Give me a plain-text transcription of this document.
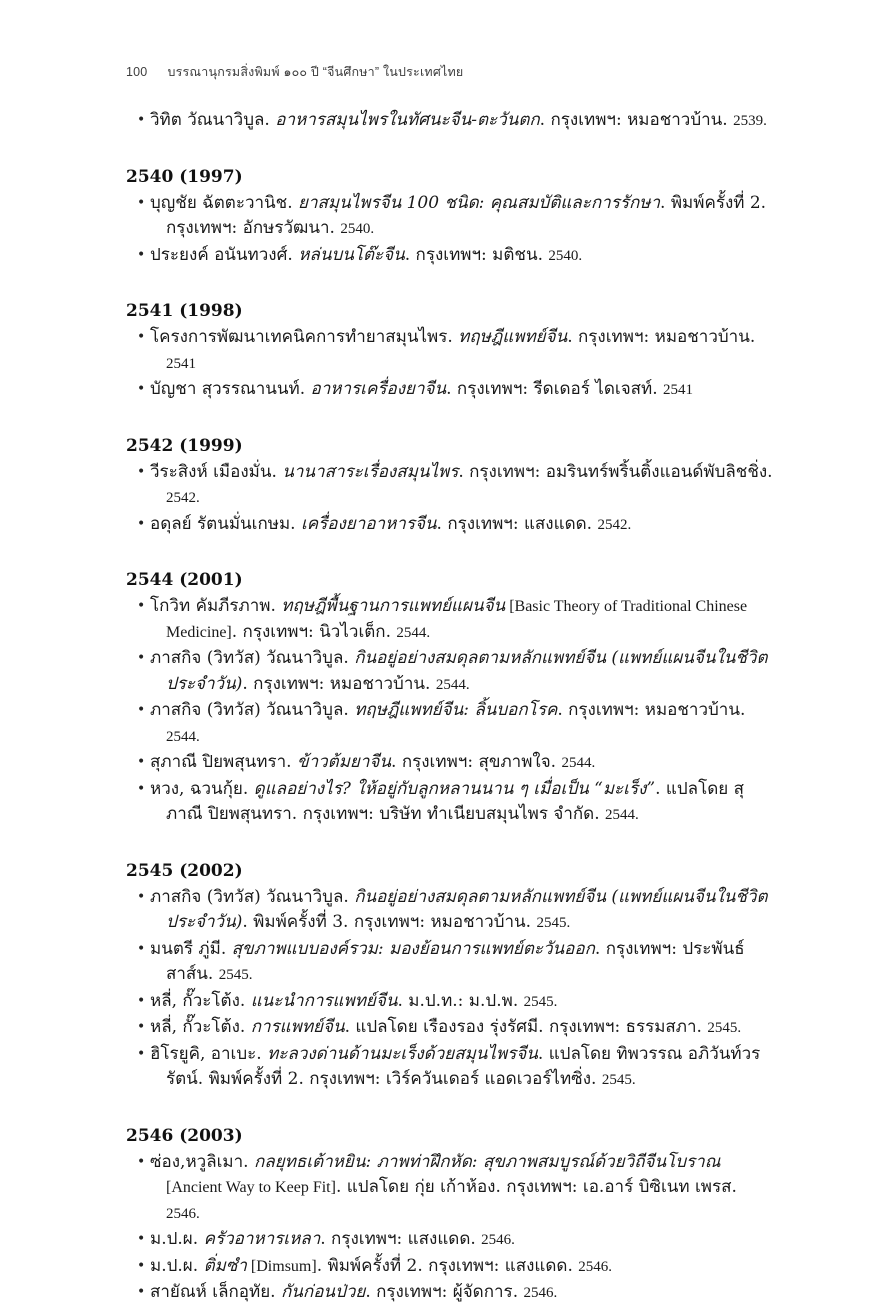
100 บรรณานุกรมสิ่งพิมพ์ ๑๐๐ ปี “จีนศึกษา” ในประเทศไทย
• วิทิต วัณนาวิบูล. อาหารสมุนไพรในทัศนะจีน-ตะวันตก. กรุงเทพฯ: หมอชาวบ้าน. 2539.
2540 (1997)
• บุญชัย ฉัตตะวานิช. ยาสมุนไพรจีน 100 ชนิด: คุณสมบัติและการรักษา. พิมพ์ครั้งที่ 2. กรุงเทพฯ: อักษรวัฒนา. 2540.
• ประยงค์ อนันทวงศ์. หล่นบนโต๊ะจีน. กรุงเทพฯ: มติชน. 2540.
2541 (1998)
• โครงการพัฒนาเทคนิคการทำยาสมุนไพร. ทฤษฎีแพทย์จีน. กรุงเทพฯ: หมอชาวบ้าน. 2541
• บัญชา สุวรรณานนท์. อาหารเครื่องยาจีน. กรุงเทพฯ: รีดเดอร์ ไดเจสท์. 2541
2542 (1999)
• วีระสิงห์ เมืองมั่น. นานาสาระเรื่องสมุนไพร. กรุงเทพฯ: อมรินทร์พริ้นติ้งแอนด์พับลิชชิ่ง. 2542.
• อดุลย์ รัตนมั่นเกษม. เครื่องยาอาหารจีน. กรุงเทพฯ: แสงแดด. 2542.
2544 (2001)
• โกวิท คัมภีรภาพ. ทฤษฎีพื้นฐานการแพทย์แผนจีน [Basic Theory of Traditional Chinese Medicine]. กรุงเทพฯ: นิวไวเต็ก. 2544.
• ภาสกิจ (วิทวัส) วัณนาวิบูล. กินอยู่อย่างสมดุลตามหลักแพทย์จีน (แพทย์แผนจีนในชีวิตประจำวัน). กรุงเทพฯ: หมอชาวบ้าน. 2544.
• ภาสกิจ (วิทวัส) วัณนาวิบูล. ทฤษฎีแพทย์จีน: ลิ้นบอกโรค. กรุงเทพฯ: หมอชาวบ้าน. 2544.
• สุภาณี ปิยพสุนทรา. ข้าวต้มยาจีน. กรุงเทพฯ: สุขภาพใจ. 2544.
• หวง, ฉวนกุ้ย. ดูแลอย่างไร? ให้อยู่กับลูกหลานนาน ๆ เมื่อเป็น “มะเร็ง”. แปลโดย สุภาณี ปิยพสุนทรา. กรุงเทพฯ: บริษัท ทำเนียบสมุนไพร จำกัด. 2544.
2545 (2002)
• ภาสกิจ (วิทวัส) วัณนาวิบูล. กินอยู่อย่างสมดุลตามหลักแพทย์จีน (แพทย์แผนจีนในชีวิตประจำวัน). พิมพ์ครั้งที่ 3. กรุงเทพฯ: หมอชาวบ้าน. 2545.
• มนตรี ภู่มี. สุขภาพแบบองค์รวม: มองย้อนการแพทย์ตะวันออก. กรุงเทพฯ: ประพันธ์สาส์น. 2545.
• หลี่, กั๊วะโต้ง. แนะนำการแพทย์จีน. ม.ป.ท.: ม.ป.พ. 2545.
• หลี่, กั๊วะโต้ง. การแพทย์จีน. แปลโดย เรืองรอง รุ่งรัศมี. กรุงเทพฯ: ธรรมสภา. 2545.
• ฮิโรยูคิ, อาเบะ. ทะลวงด่านด้านมะเร็งด้วยสมุนไพรจีน. แปลโดย ทิพวรรณ อภิวันท์วรรัตน์. พิมพ์ครั้งที่ 2. กรุงเทพฯ: เวิร์ควันเดอร์ แอดเวอร์ไทซิ่ง. 2545.
2546 (2003)
• ซ่อง,หวูลิเมา. กลยุทธเต้าหยิน: ภาพท่าฝึกหัด: สุขภาพสมบูรณ์ด้วยวิถีจีนโบราณ [Ancient Way to Keep Fit]. แปลโดย กุ่ย เก้าห้อง. กรุงเทพฯ: เอ.อาร์ บิซิเนท เพรส. 2546.
• ม.ป.ผ. ครัวอาหารเหลา. กรุงเทพฯ: แสงแดด. 2546.
• ม.ป.ผ. ติ่มซำ [Dimsum]. พิมพ์ครั้งที่ 2. กรุงเทพฯ: แสงแดด. 2546.
• สายัณห์ เล็กอุทัย. กันก่อนป่วย. กรุงเทพฯ: ผู้จัดการ. 2546.
